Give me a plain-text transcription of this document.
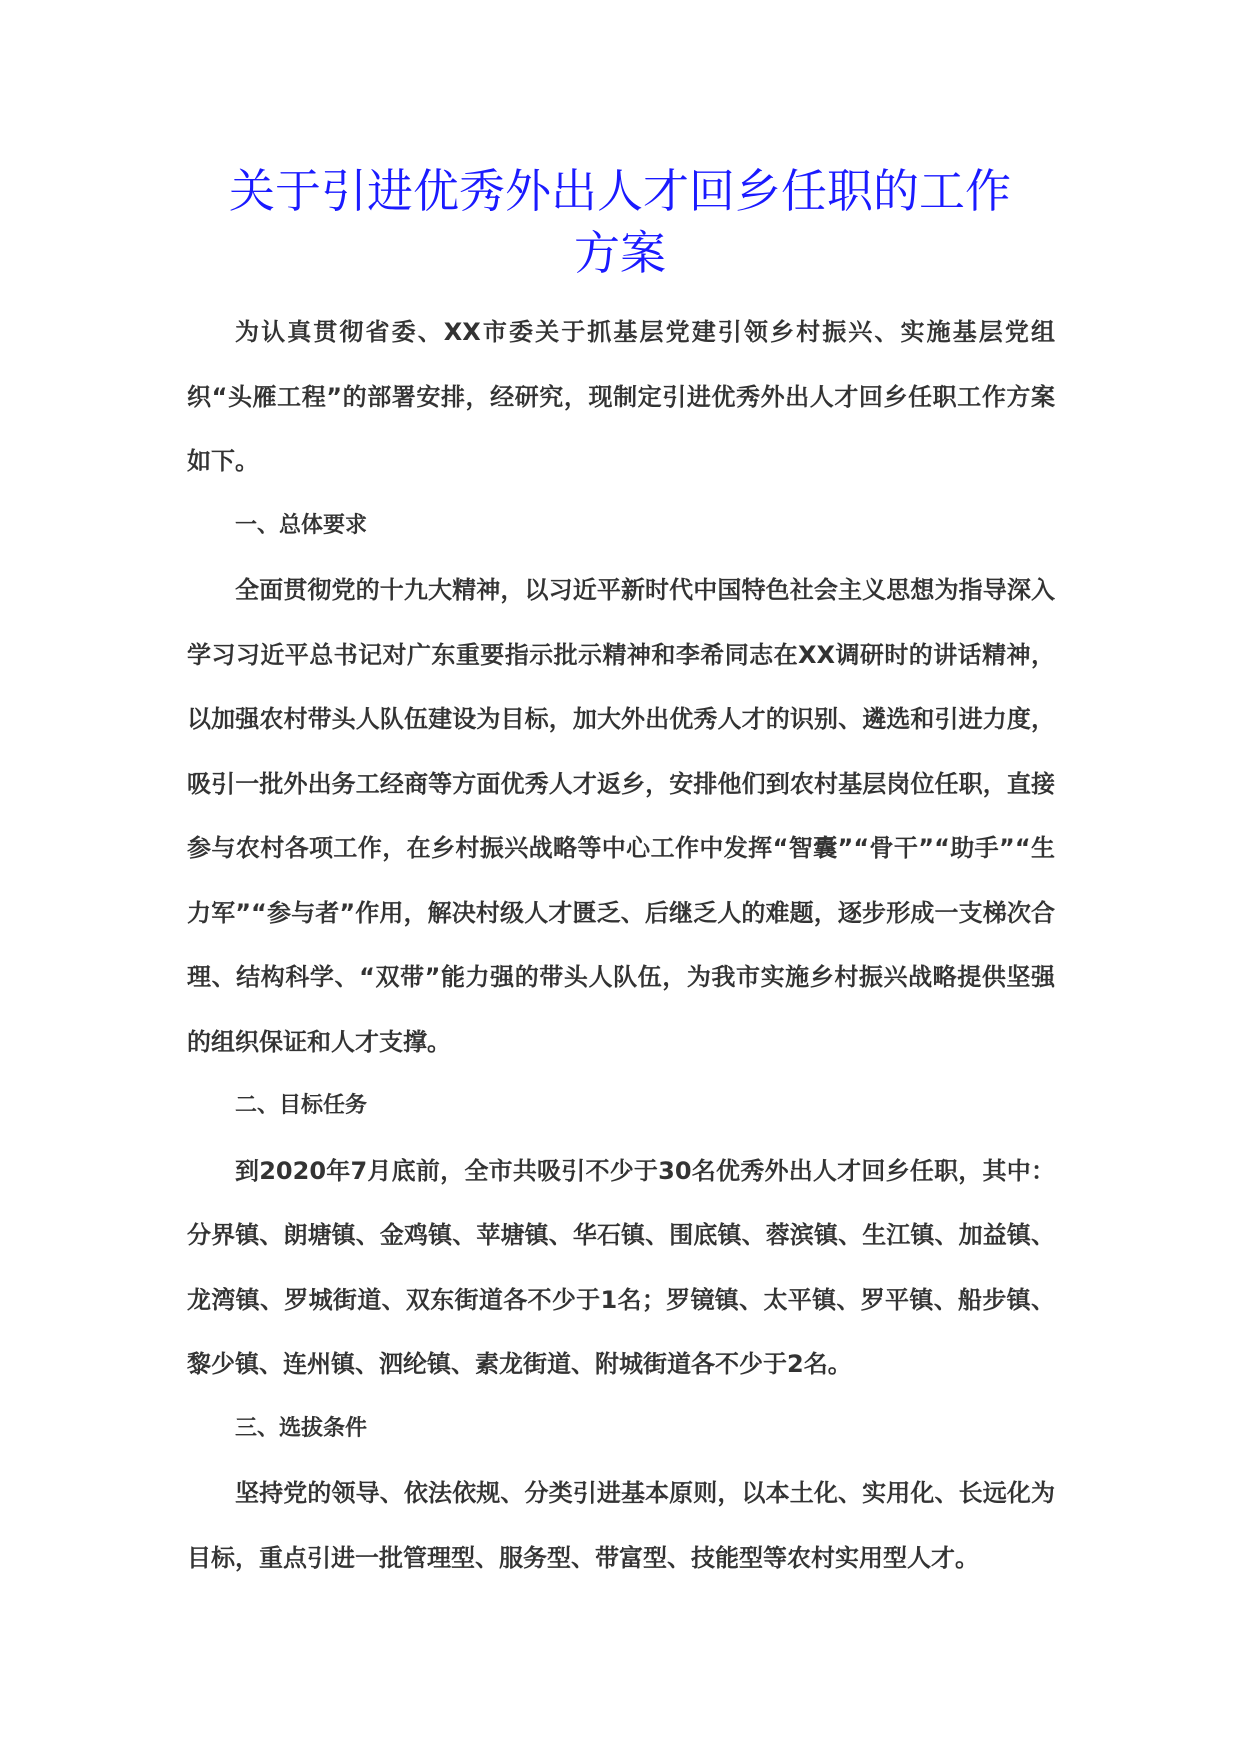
关于引进优秀外出人才回乡任职的工作
方案

为认真贯彻省委、XX市委关于抓基层党建引领乡村振兴、实施基层党组织“头雁工程”的部署安排，经研究，现制定引进优秀外出人才回乡任职工作方案如下。

一、总体要求

全面贯彻党的十九大精神，以习近平新时代中国特色社会主义思想为指导深入学习习近平总书记对广东重要指示批示精神和李希同志在XX调研时的讲话精神，以加强农村带头人队伍建设为目标，加大外出优秀人才的识别、遴选和引进力度，吸引一批外出务工经商等方面优秀人才返乡，安排他们到农村基层岗位任职，直接参与农村各项工作，在乡村振兴战略等中心工作中发挥“智囊”“骨干”“助手”“生力军”“参与者”作用，解决村级人才匮乏、后继乏人的难题，逐步形成一支梯次合理、结构科学、“双带”能力强的带头人队伍，为我市实施乡村振兴战略提供坚强的组织保证和人才支撑。

二、目标任务

到2020年7月底前，全市共吸引不少于30名优秀外出人才回乡任职，其中：分界镇、朗塘镇、金鸡镇、苹塘镇、华石镇、围底镇、蓉滨镇、生江镇、加益镇、龙湾镇、罗城街道、双东街道各不少于1名；罗镜镇、太平镇、罗平镇、船步镇、黎少镇、连州镇、泗纶镇、素龙街道、附城街道各不少于2名。

三、选拔条件

坚持党的领导、依法依规、分类引进基本原则，以本土化、实用化、长远化为目标，重点引进一批管理型、服务型、带富型、技能型等农村实用型人才。
